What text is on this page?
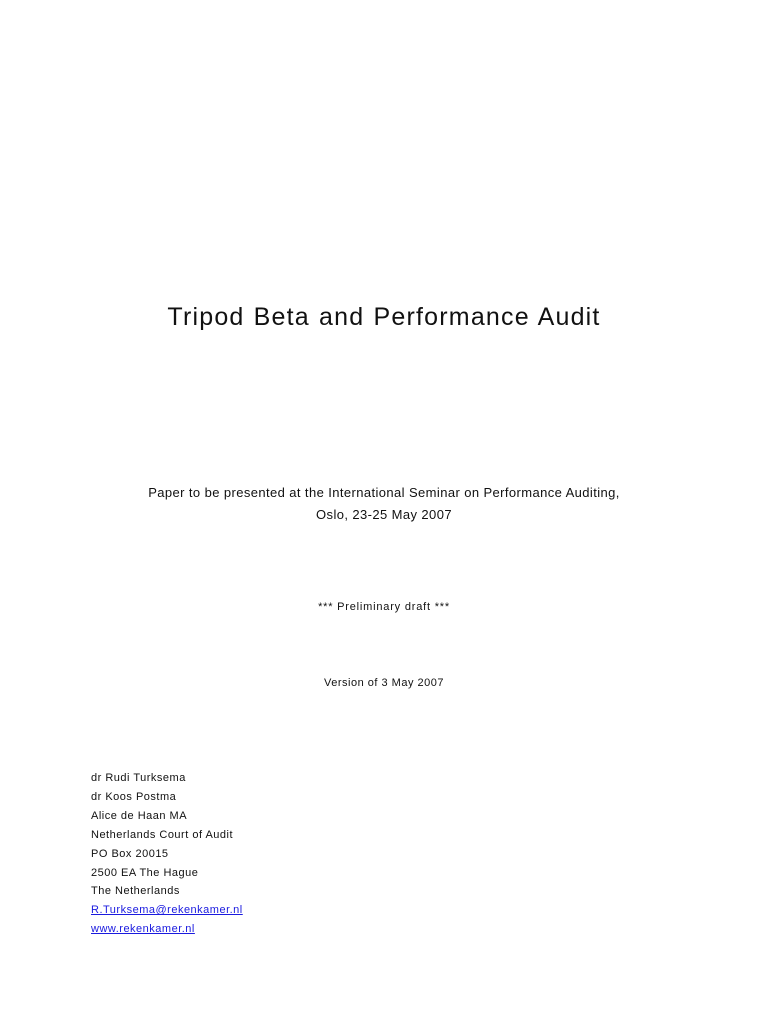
Tripod Beta and Performance Audit
Paper to be presented at the International Seminar on Performance Auditing,
Oslo, 23-25 May 2007
*** Preliminary draft ***
Version of 3 May 2007
dr Rudi Turksema
dr Koos Postma
Alice de Haan MA
Netherlands Court of Audit
PO Box 20015
2500 EA The Hague
The Netherlands
R.Turksema@rekenkamer.nl
www.rekenkamer.nl
